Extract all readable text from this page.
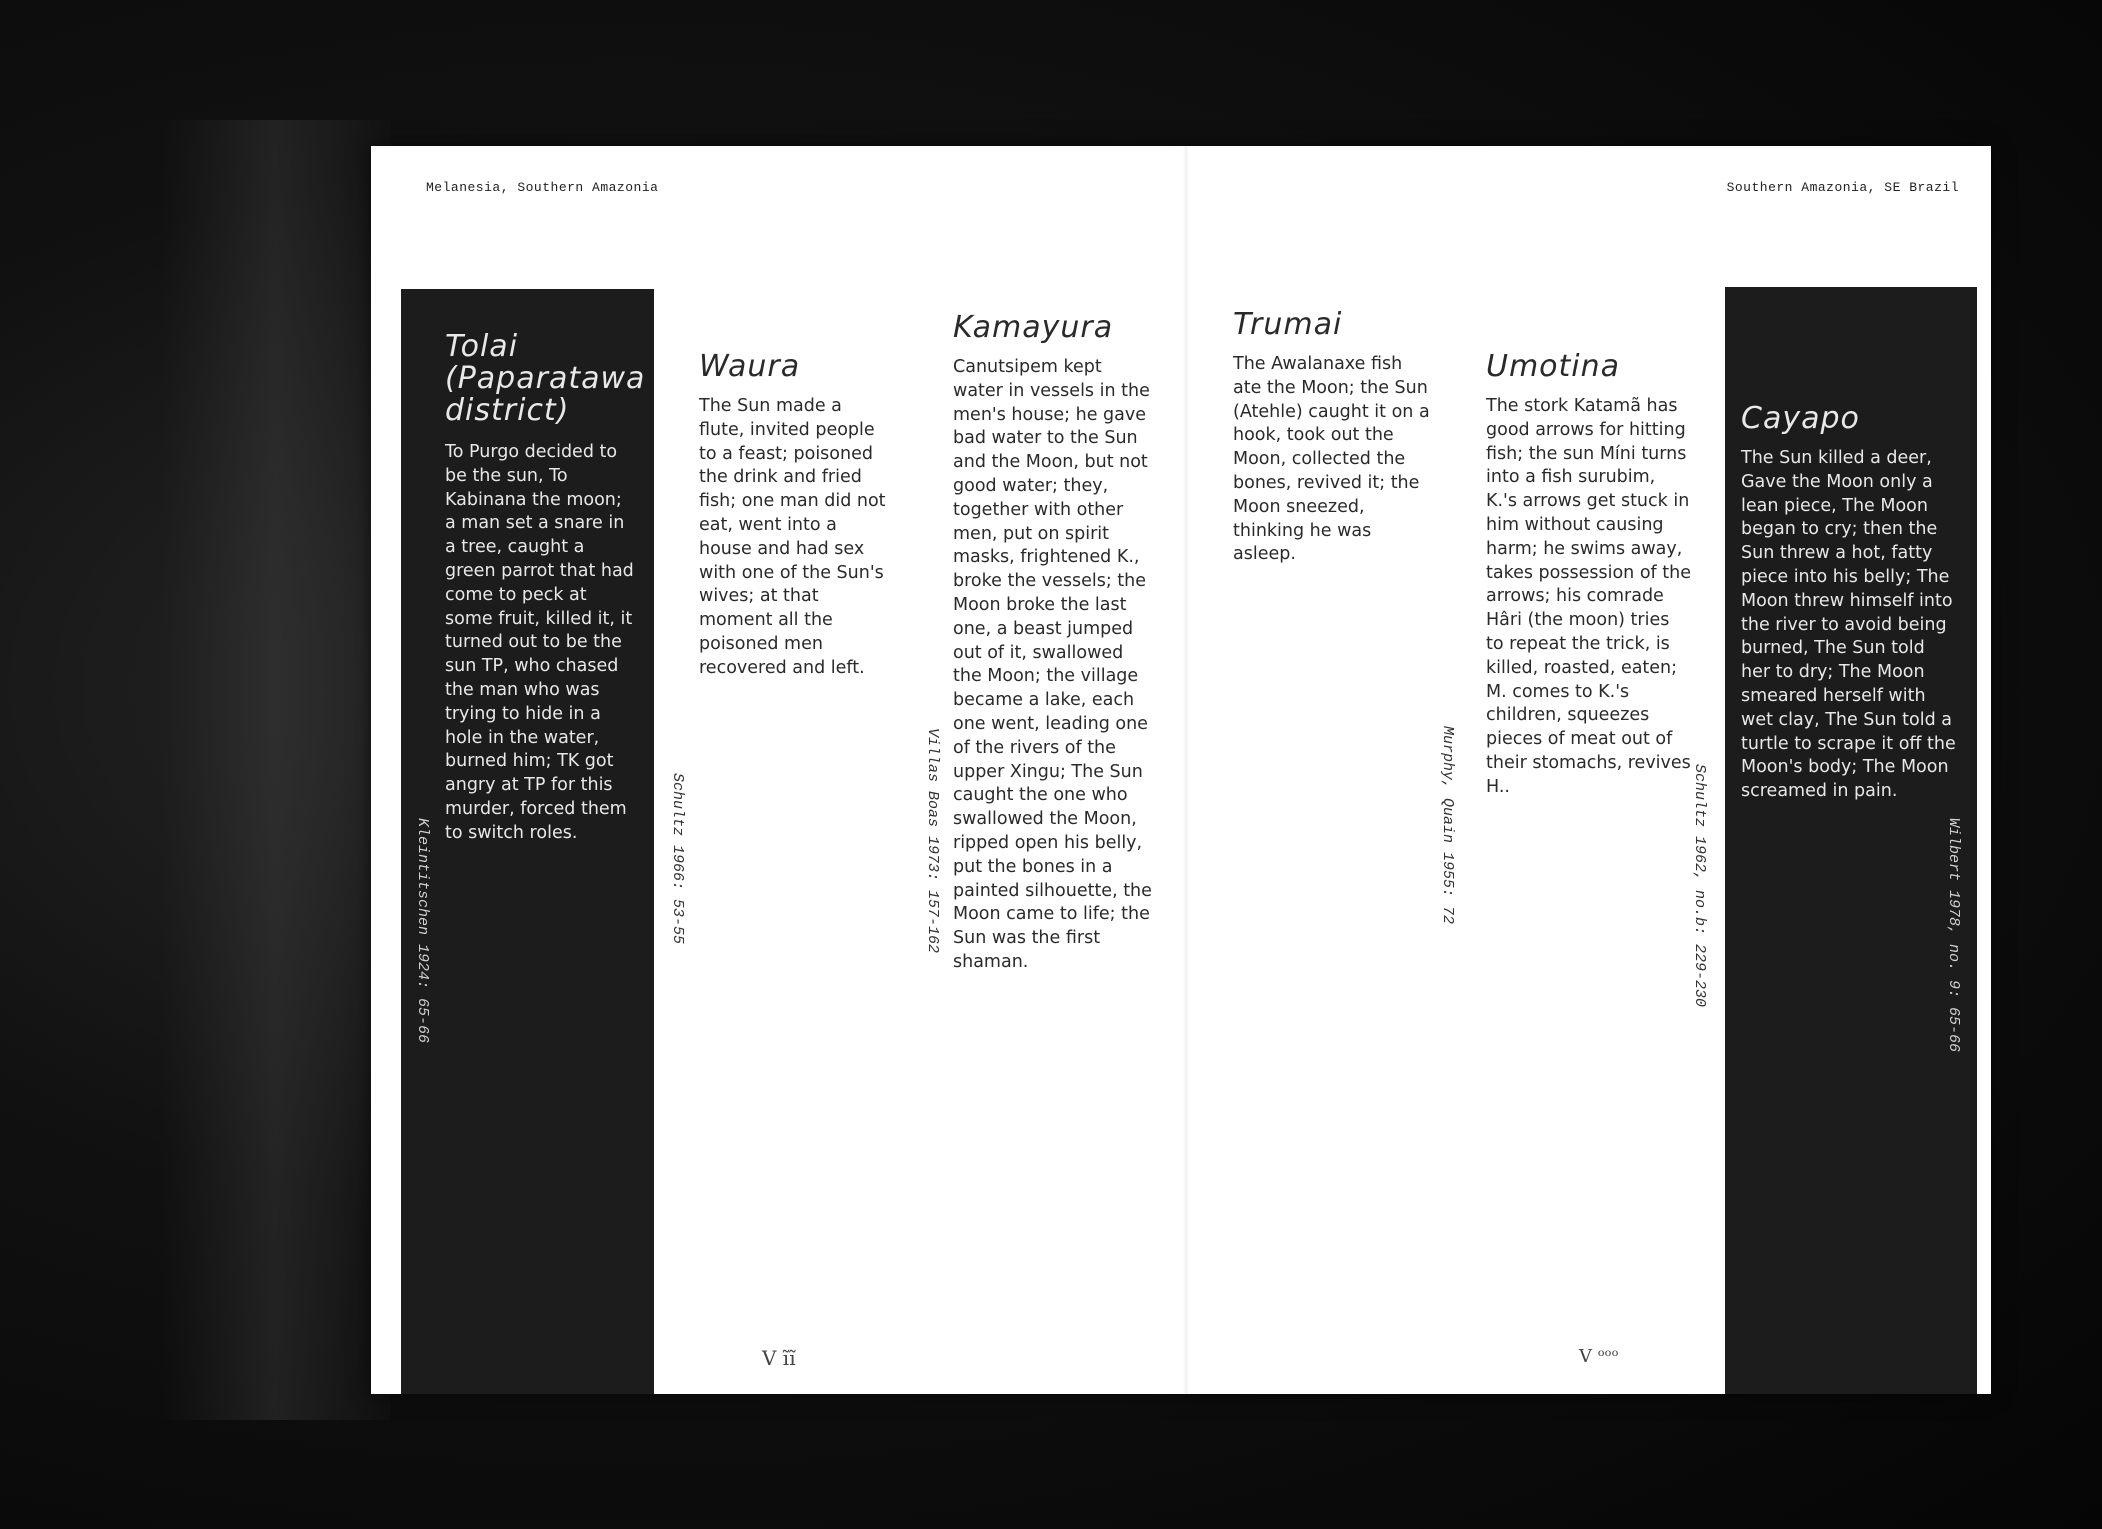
Melanesia, Southern Amazonia	Southern Amazonia, SE Brazil
Tolai
(Paparatawa
district)
To Purgo decided to be the sun, To Kabinana the moon; a man set a snare in a tree, caught a green parrot that had come to peck at some fruit, killed it, it turned out to be the sun TP, who chased the man who was trying to hide in a hole in the water, burned him; TK got angry at TP for this murder, forced them to switch roles.
Kleintitschen 1924: 65-66
Waura
The Sun made a flute, invited people to a feast; poisoned the drink and fried fish; one man did not eat, went into a house and had sex with one of the Sun's wives; at that moment all the poisoned men recovered and left.
Schultz 1966: 53-55
Kamayura
Canutsipem kept water in vessels in the men's house; he gave bad water to the Sun and the Moon, but not good water; they, together with other men, put on spirit masks, frightened K., broke the vessels; the Moon broke the last one, a beast jumped out of it, swallowed the Moon; the village became a lake, each one went, leading one of the rivers of the upper Xingu; The Sun caught the one who swallowed the Moon, ripped open his belly, put the bones in a painted silhouette, the Moon came to life; the Sun was the first shaman.
Villas Boas 1973: 157-162
Trumai
The Awalanaxe fish ate the Moon; the Sun (Atehle) caught it on a hook, took out the Moon, collected the bones, revived it; the Moon sneezed, thinking he was asleep.
Murphy, Quain 1955: 72
Umotina
The stork Katamã has good arrows for hitting fish; the sun Míni turns into a fish surubim, K.'s arrows get stuck in him without causing harm; he swims away, takes possession of the arrows; his comrade Hâri (the moon) tries to repeat the trick, is killed, roasted, eaten; M. comes to K.'s children, squeezes pieces of meat out of their stomachs, revives H..	Schultz 1962, no.b: 229-230
Cayapo
The Sun killed a deer, Gave the Moon only a lean piece, The Moon began to cry; then the Sun threw a hot, fatty piece into his belly; The Moon threw himself into the river to avoid being burned, The Sun told her to dry; The Moon smeared herself with wet clay, The Sun told a turtle to scrape it off the Moon's body; The Moon screamed in pain.
Wilbert 1978, no. 9: 65-66
V ĩĩ	V ᵒᵒᵒ
